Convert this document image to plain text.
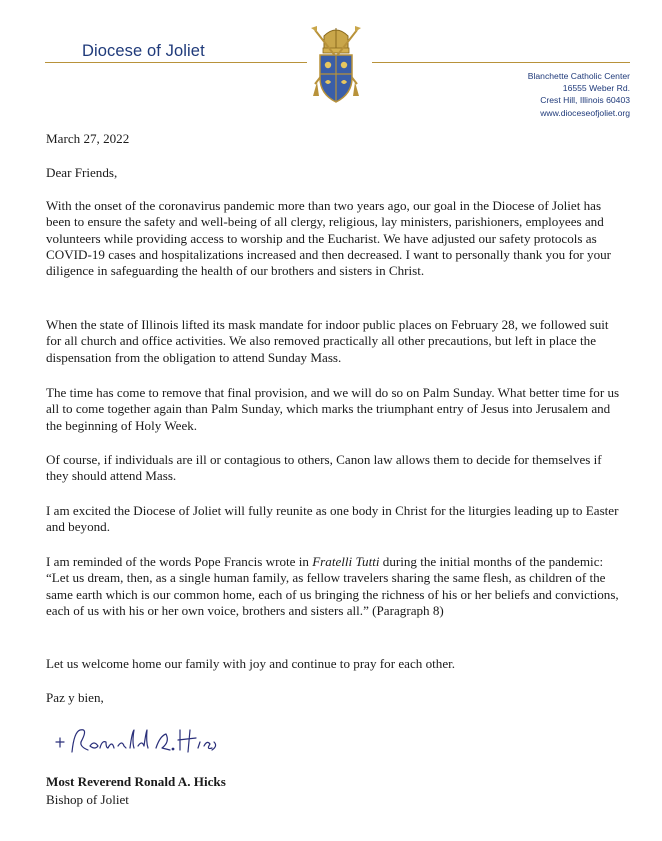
Diocese of Joliet
Blanchette Catholic Center
16555 Weber Rd.
Crest Hill, Illinois 60403
www.dioceseofjoliet.org
March 27, 2022
Dear Friends,
With the onset of the coronavirus pandemic more than two years ago, our goal in the Diocese of Joliet has been to ensure the safety and well-being of all clergy, religious, lay ministers, parishioners, employees and volunteers while providing access to worship and the Eucharist. We have adjusted our safety protocols as COVID-19 cases and hospitalizations increased and then decreased. I want to personally thank you for your diligence in safeguarding the health of our brothers and sisters in Christ.
When the state of Illinois lifted its mask mandate for indoor public places on February 28, we followed suit for all church and office activities. We also removed practically all other precautions, but left in place the dispensation from the obligation to attend Sunday Mass.
The time has come to remove that final provision, and we will do so on Palm Sunday. What better time for us all to come together again than Palm Sunday, which marks the triumphant entry of Jesus into Jerusalem and the beginning of Holy Week.
Of course, if individuals are ill or contagious to others, Canon law allows them to decide for themselves if they should attend Mass.
I am excited the Diocese of Joliet will fully reunite as one body in Christ for the liturgies leading up to Easter and beyond.
I am reminded of the words Pope Francis wrote in Fratelli Tutti during the initial months of the pandemic: “Let us dream, then, as a single human family, as fellow travelers sharing the same flesh, as children of the same earth which is our common home, each of us bringing the richness of his or her beliefs and convictions, each of us with his or her own voice, brothers and sisters all.” (Paragraph 8)
Let us welcome home our family with joy and continue to pray for each other.
Paz y bien,
Most Reverend Ronald A. Hicks
Bishop of Joliet
